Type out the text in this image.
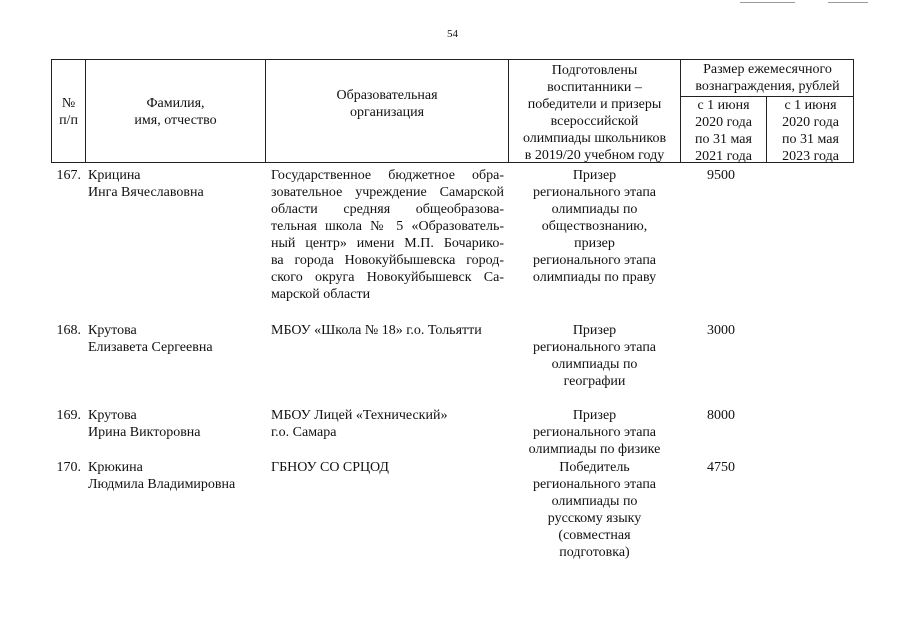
54
№
п/п
Фамилия,
имя, отчество
Образовательная
организация
Подготовлены
воспитанники –
победители и призеры
всероссийской
олимпиады школьников
в 2019/20 учебном году
Размер ежемесячного
вознаграждения, рублей
с 1 июня
2020 года
по 31 мая
2021 года
с 1 июня
2020 года
по 31 мая
2023 года
167. Крицина
Инга Вячеславовна
Государственное бюджетное обра-
зовательное учреждение Самарской
области средняя общеобразова-
тельная школа № 5 «Образователь-
ный центр» имени М.П. Бочарико-
ва города Новокуйбышевска город-
ского округа Новокуйбышевск Са-
марской области
Призер
регионального этапа
олимпиады по
обществознанию,
призер
регионального этапа
олимпиады по праву
9500
168. Крутова
Елизавета Сергеевна
МБОУ «Школа № 18» г.о. Тольятти	Призер
регионального этапа
олимпиады по
географии
3000
169. Крутова
Ирина Викторовна
МБОУ Лицей «Технический»
г.о. Самара
Призер
регионального этапа
олимпиады по физике
8000
170. Крюкина
Людмила Владимировна
ГБНОУ СО СРЦОД	Победитель
регионального этапа
олимпиады по
русскому языку
(совместная
подготовка)
4750
